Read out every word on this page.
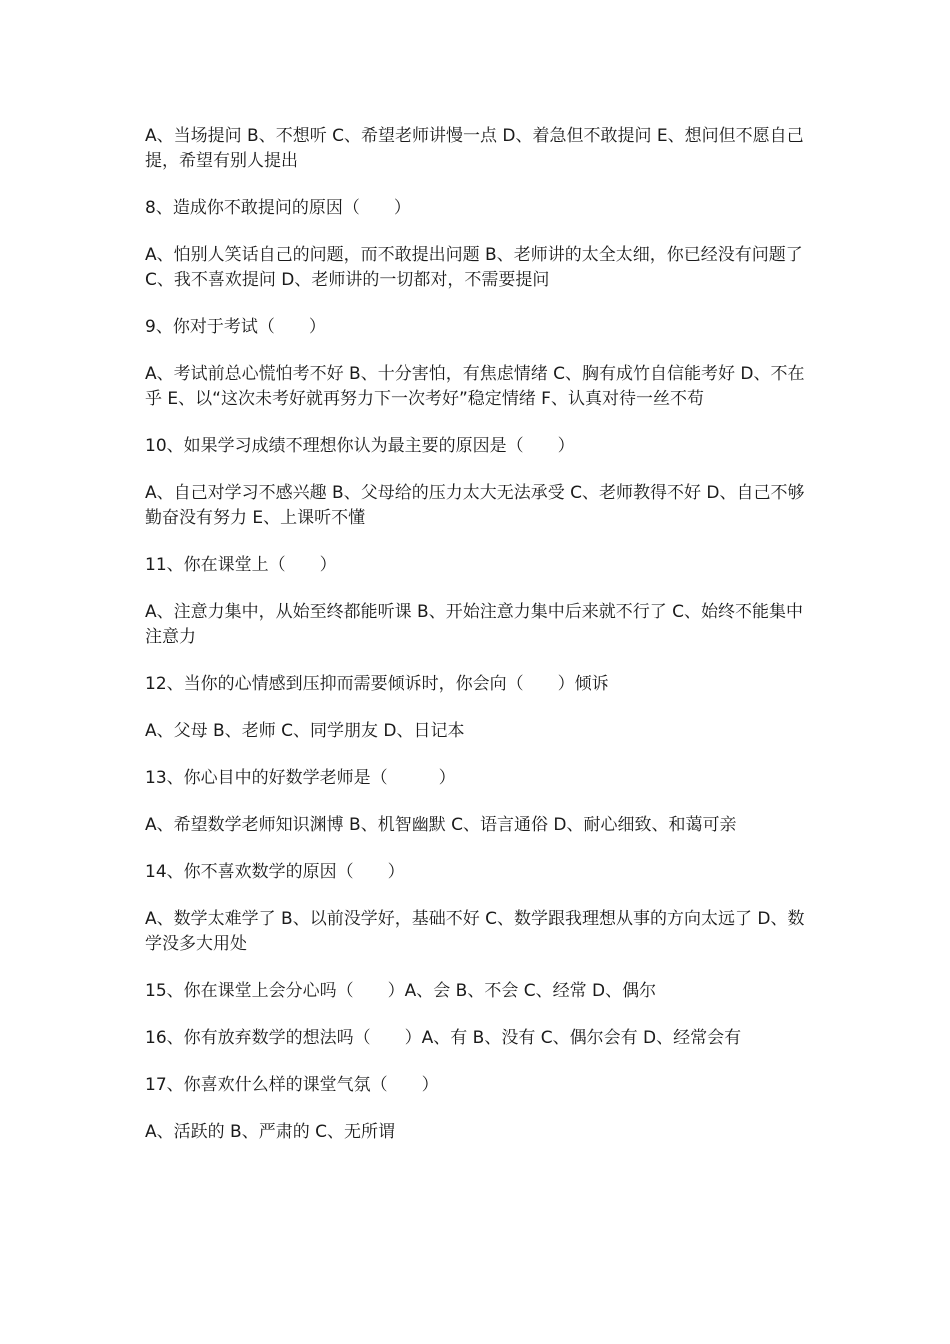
A、当场提问 B、不想听 C、希望老师讲慢一点 D、着急但不敢提问 E、想问但不愿自己提，希望有别人提出

8、造成你不敢提问的原因（　　）

A、怕别人笑话自己的问题，而不敢提出问题 B、老师讲的太全太细，你已经没有问题了 C、我不喜欢提问 D、老师讲的一切都对，不需要提问

9、你对于考试（　　）

A、考试前总心慌怕考不好 B、十分害怕，有焦虑情绪 C、胸有成竹自信能考好 D、不在乎 E、以“这次未考好就再努力下一次考好”稳定情绪 F、认真对待一丝不苟

10、如果学习成绩不理想你认为最主要的原因是（　　）

A、自己对学习不感兴趣 B、父母给的压力太大无法承受 C、老师教得不好 D、自己不够勤奋没有努力 E、上课听不懂

11、你在课堂上（　　）

A、注意力集中，从始至终都能听课 B、开始注意力集中后来就不行了 C、始终不能集中注意力

12、当你的心情感到压抑而需要倾诉时，你会向（　　）倾诉

A、父母 B、老师 C、同学朋友 D、日记本

13、你心目中的好数学老师是（　　　）

A、希望数学老师知识渊博 B、机智幽默 C、语言通俗 D、耐心细致、和蔼可亲

14、你不喜欢数学的原因（　　）

A、数学太难学了 B、以前没学好，基础不好 C、数学跟我理想从事的方向太远了 D、数学没多大用处

15、你在课堂上会分心吗（　　）A、会 B、不会 C、经常 D、偶尔

16、你有放弃数学的想法吗（　　）A、有 B、没有 C、偶尔会有 D、经常会有

17、你喜欢什么样的课堂气氛（　　）

A、活跃的 B、严肃的 C、无所谓
